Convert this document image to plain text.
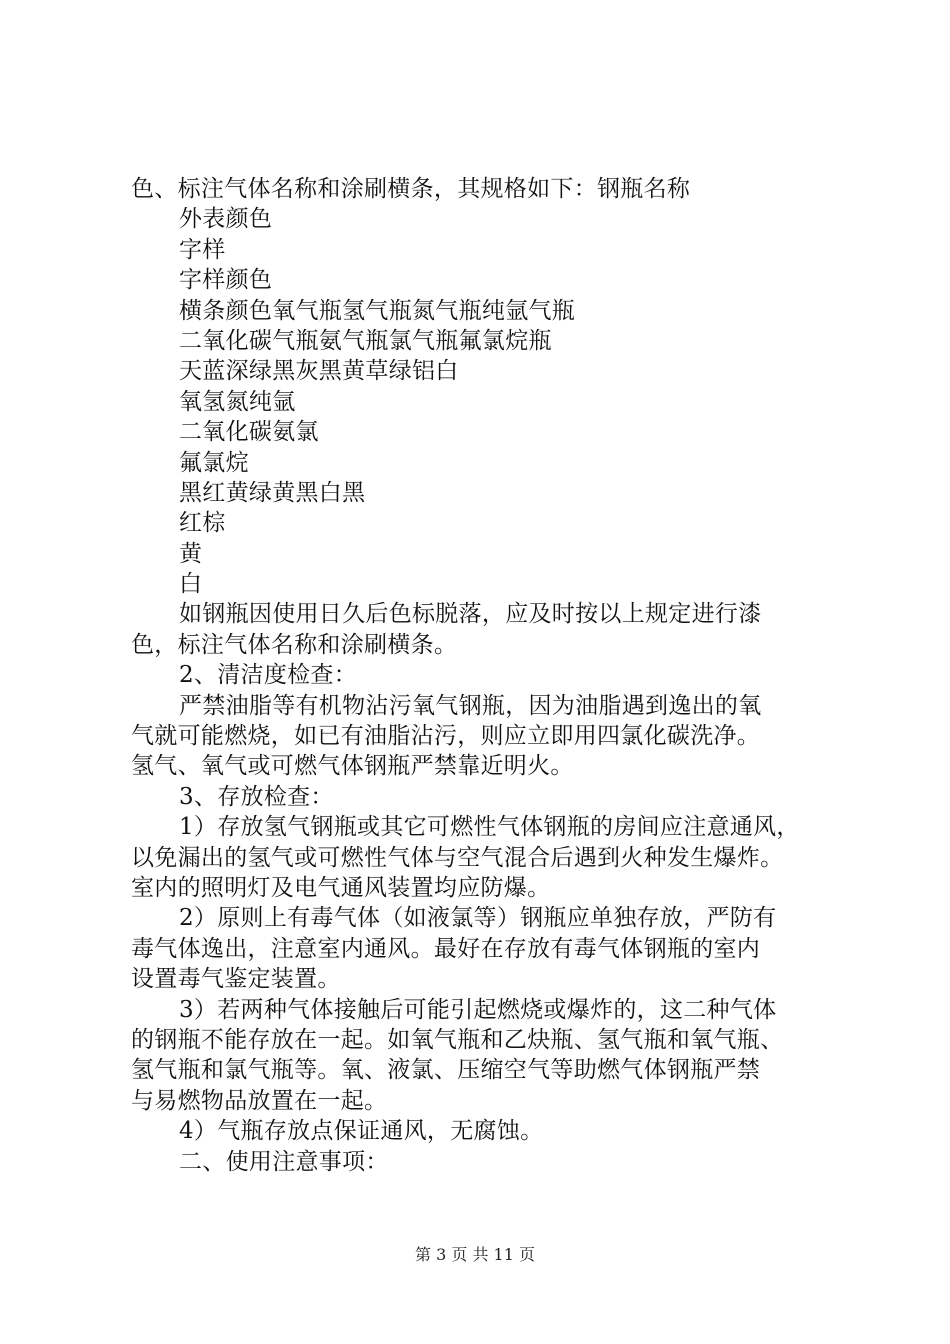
色、标注气体名称和涂刷横条，其规格如下：钢瓶名称
外表颜色
字样
字样颜色
横条颜色氧气瓶氢气瓶氮气瓶纯氩气瓶
二氧化碳气瓶氨气瓶氯气瓶氟氯烷瓶
天蓝深绿黑灰黑黄草绿铝白
氧氢氮纯氩
二氧化碳氨氯
氟氯烷
黑红黄绿黄黑白黑
红棕
黄
白
如钢瓶因使用日久后色标脱落，应及时按以上规定进行漆
色，标注气体名称和涂刷横条。
2、清洁度检查：
严禁油脂等有机物沾污氧气钢瓶，因为油脂遇到逸出的氧
气就可能燃烧，如已有油脂沾污，则应立即用四氯化碳洗净。
氢气、氧气或可燃气体钢瓶严禁靠近明火。
3、存放检查：
1）存放氢气钢瓶或其它可燃性气体钢瓶的房间应注意通风，
以免漏出的氢气或可燃性气体与空气混合后遇到火种发生爆炸。
室内的照明灯及电气通风装置均应防爆。
2）原则上有毒气体（如液氯等）钢瓶应单独存放，严防有
毒气体逸出，注意室内通风。最好在存放有毒气体钢瓶的室内
设置毒气鉴定装置。
3）若两种气体接触后可能引起燃烧或爆炸的，这二种气体
的钢瓶不能存放在一起。如氧气瓶和乙炔瓶、氢气瓶和氧气瓶、
氢气瓶和氯气瓶等。氧、液氯、压缩空气等助燃气体钢瓶严禁
与易燃物品放置在一起。
4）气瓶存放点保证通风，无腐蚀。
二、使用注意事项：
第 3 页 共 11 页
